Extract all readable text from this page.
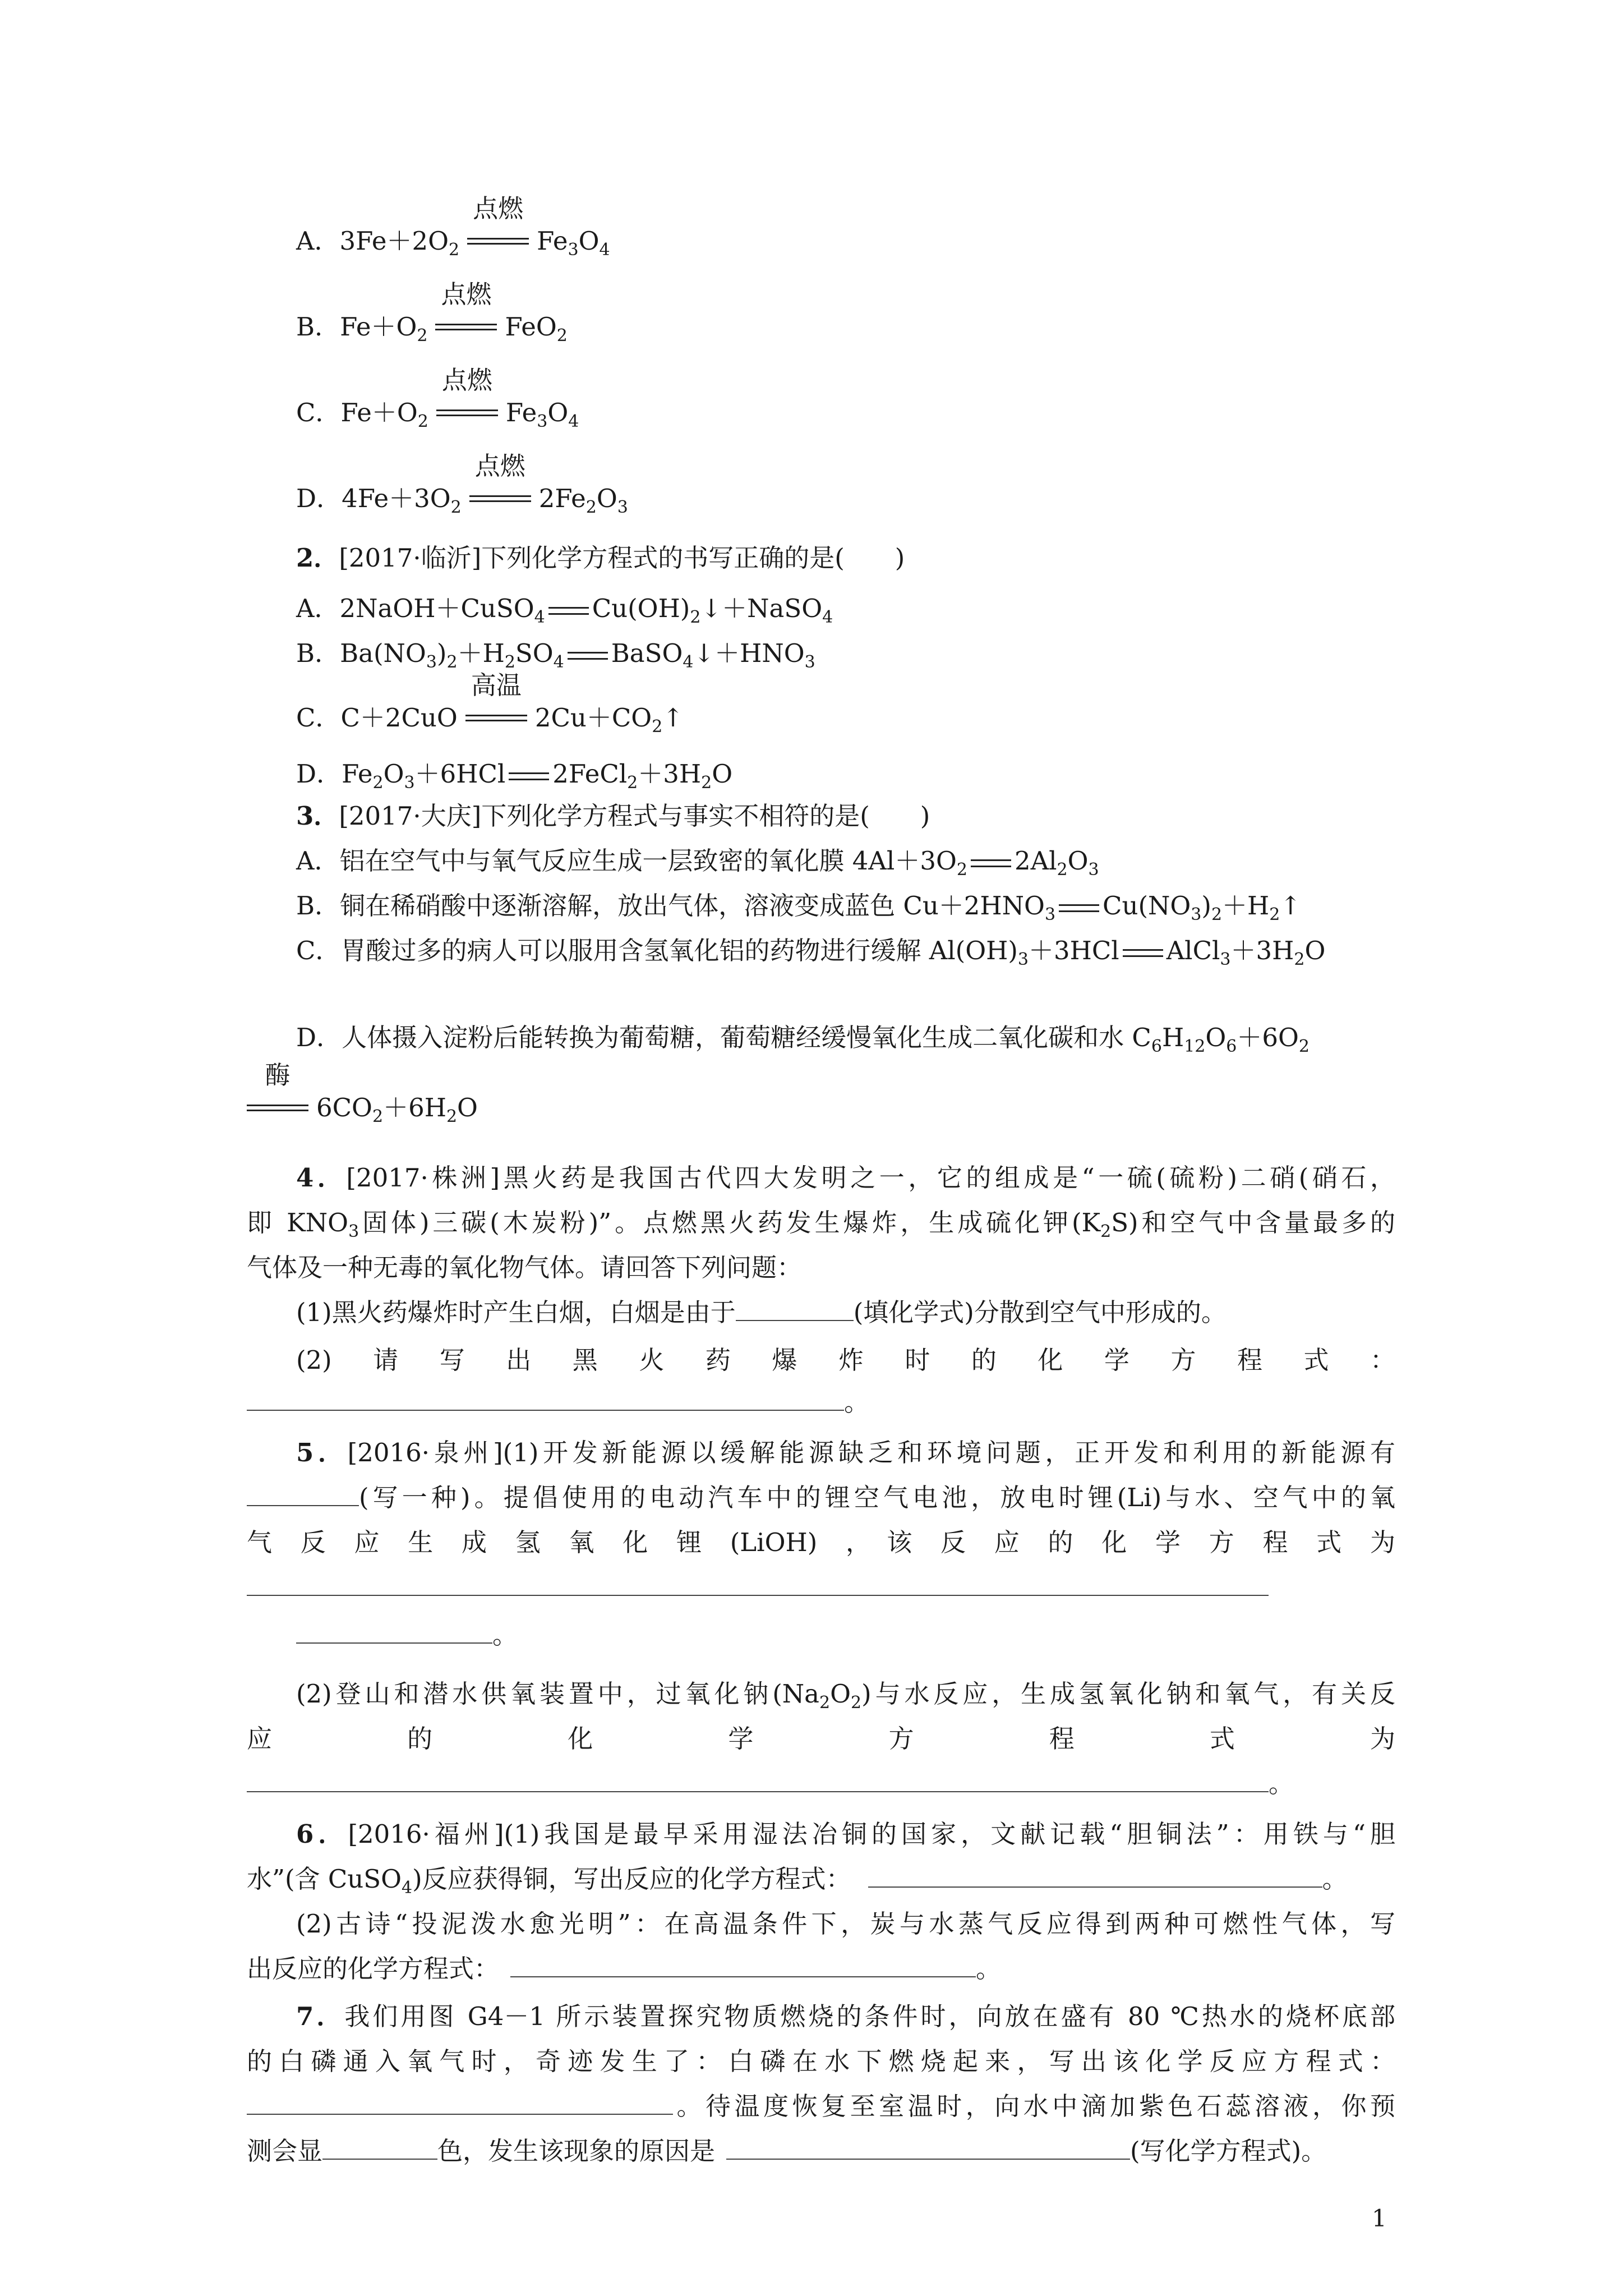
A．$3Fe+2O_2$
点燃
$Fe_3O_4$
B．$Fe+O_2$
点燃
FeO$_2$
C．$Fe+O_2$
点燃
$Fe_3O_4$
D．$4Fe+3O_2$
点燃
$2Fe_2O_3$
2．[2017·临沂]下列化学方程式的书写正确的是(　　)
A．2NaOH＋CuSO$_4$ $Cu(OH)_2↓+NaSO_4$
B．$Ba(NO_3)_2+H_2SO_4$ $BaSO_4↓+HNO_3$
C．C＋2CuO
高温
$2Cu+CO_2↑$
D．$Fe_2O_3+6HCl$ $2FeCl_2+3H_2O$
3．[2017·大庆]下列化学方程式与事实不相符的是(　　)
A．铝在空气中与氧气反应生成一层致密的氧化膜 $4Al+3O_2$ $2Al_2O_3$
B．铜在稀硝酸中逐渐溶解，放出气体，溶液变成蓝色 $Cu+2HNO_3$ $Cu(NO_3)_2+H_2↑$
C．胃酸过多的病人可以服用含氢氧化铝的药物进行缓解 $Al(OH)_3+3HCl$ $AlCl_3+3H_2O$
D．人体摄入淀粉后能转换为葡萄糖，葡萄糖经缓慢氧化生成二氧化碳和水 $C_6H_{12}O_6+6O_2$
酶
$6CO_2+6H_2O$
4．[2017·株洲]黑火药是我国古代四大发明之一，它的组成是“一硫(硫粉)二硝(硝石，
即 $KNO_3$固体)三碳(木炭粉)”。点燃黑火药发生爆炸，生成硫化钾$(K_2S)$和空气中含量最多的
气体及一种无毒的氧化物气体。请回答下列问题：
(1)黑火药爆炸时产生白烟，白烟是由于	(填化学式)分散到空气中形成的。
(2)　请　写　出　黑　火　药　爆　炸　时　的　化　学　方　程　式　：
。
5．[2016·泉州](1)开发新能源以缓解能源缺乏和环境问题，正开发和利用的新能源有
(写一种)。提倡使用的电动汽车中的锂空气电池，放电时锂(Li)与水、空气中的氧
气　反　应　生　成　氢　氧　化　锂　(LiOH)　，　该　反　应　的　化　学　方　程　式　为
。
(2)登山和潜水供氧装置中，过氧化钠$(Na_2O_2)$与水反应，生成氢氧化钠和氧气，有关反
应　　　的　　　化　　　学　　　方　　　程　　　式　　　为
。
6．[2016·福州](1)我国是最早采用湿法冶铜的国家，文献记载“胆铜法”：用铁与“胆
水”(含 CuSO$_4$)反应获得铜，写出反应的化学方程式：	。
(2)古诗“投泥泼水愈光明”：在高温条件下，炭与水蒸气反应得到两种可燃性气体，写
出反应的化学方程式：	。
7．我们用图 G4－1 所示装置探究物质燃烧的条件时，向放在盛有 80 ℃热水的烧杯底部
的白磷通入氧气时，奇迹发生了：白磷在水下燃烧起来，写出该化学反应方程式：
。待温度恢复至室温时，向水中滴加紫色石蕊溶液，你预
测会显	色，发生该现象的原因是	(写化学方程式)。
1
